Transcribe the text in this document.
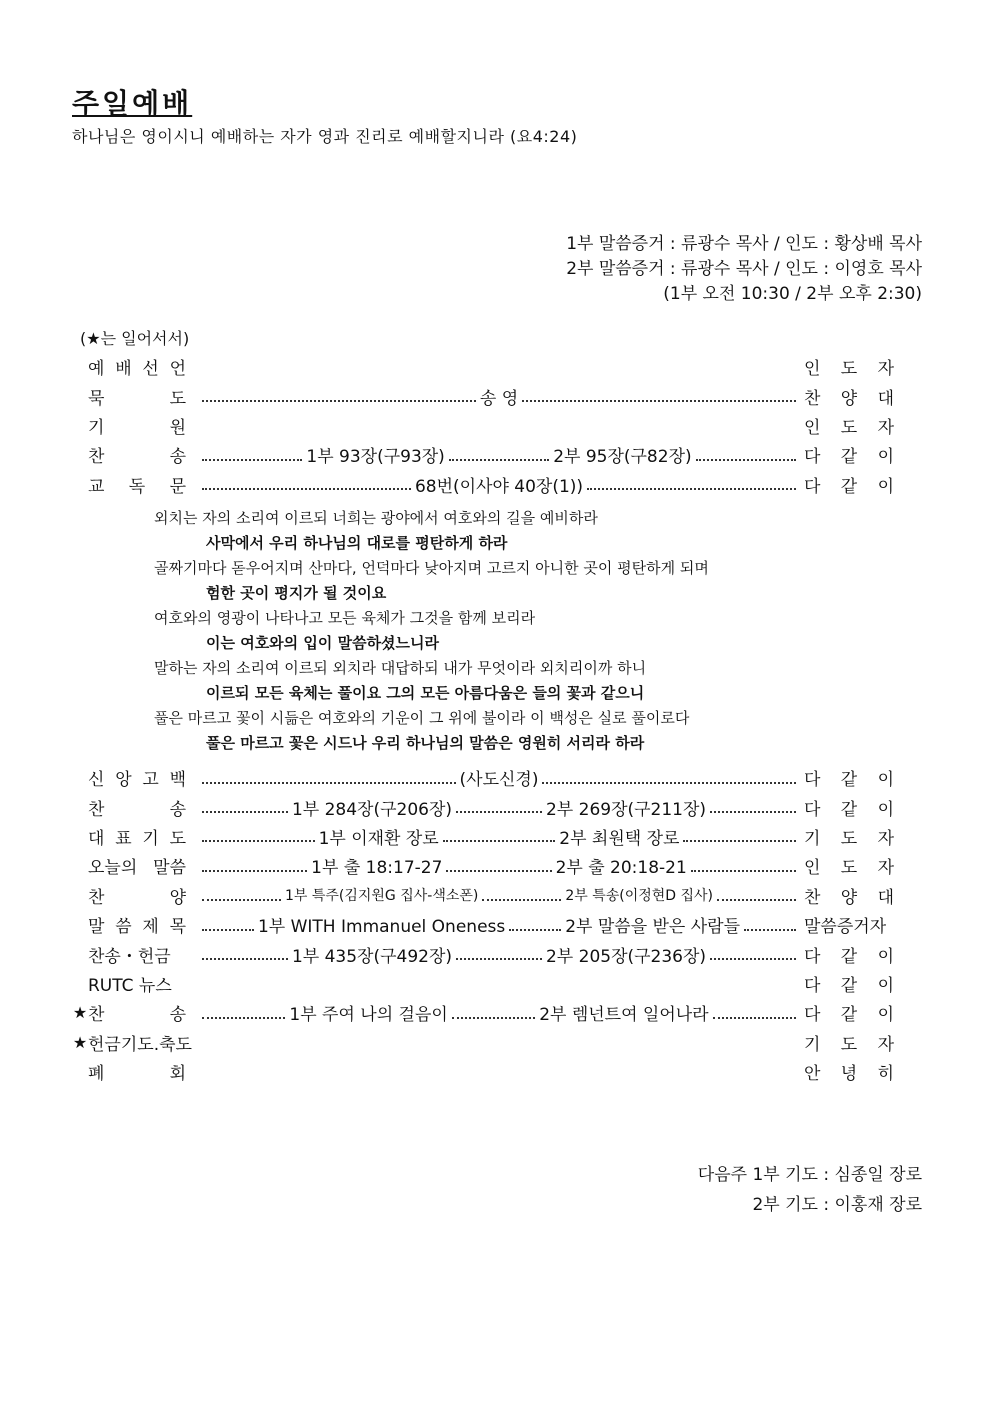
주일예배
하나님은 영이시니 예배하는 자가 영과 진리로 예배할지니라 (요4:24)
1부 말씀증거 : 류광수 목사 / 인도 : 황상배 목사
2부 말씀증거 : 류광수 목사 / 인도 : 이영호 목사
(1부 오전 10:30 / 2부 오후 2:30)
(★는 일어서서)
예 배 선 언	인 도 자
묵	도	송 영	찬 양 대
기	원	인 도 자
찬	송	1부 93장(구93장)	2부 95장(구82장)	다 같 이
교 독 문	68번(이사야 40장(1))	다 같 이
외치는 자의 소리여 이르되 너희는 광야에서 여호와의 길을 예비하라
사막에서 우리 하나님의 대로를 평탄하게 하라
골짜기마다 돋우어지며 산마다, 언덕마다 낮아지며 고르지 아니한 곳이 평탄하게 되며
험한 곳이 평지가 될 것이요
여호와의 영광이 나타나고 모든 육체가 그것을 함께 보리라
이는 여호와의 입이 말씀하셨느니라
말하는 자의 소리여 이르되 외치라 대답하되 내가 무엇이라 외치리이까 하니
이르되 모든 육체는 풀이요 그의 모든 아름다움은 들의 꽃과 같으니
풀은 마르고 꽃이 시듦은 여호와의 기운이 그 위에 불이라 이 백성은 실로 풀이로다
풀은 마르고 꽃은 시드나 우리 하나님의 말씀은 영원히 서리라 하라
신 앙 고 백	(사도신경)	다 같 이
찬	송	1부 284장(구206장)	2부 269장(구211장)	다 같 이
대 표 기 도	1부 이재환 장로	2부 최원택 장로	기 도 자
오늘의 말씀	1부 출 18:17-27	2부 출 20:18-21	인 도 자
찬	양	1부 특주(김지원G 집사-색소폰)	2부 특송(이정현D 집사)	찬 양 대
말 씀 제 목	1부 WITH Immanuel Oneness	2부 말씀을 받은 사람들	말씀증거자
찬송・헌금	1부 435장(구492장)	2부 205장(구236장)	다 같 이
RUTC 뉴스	다 같 이
★ 찬	송	1부 주여 나의 걸음이	2부 렘넌트여 일어나라	다 같 이
★ 헌금기도.축도	기 도 자
폐	회	안 녕 히
다음주 1부 기도 : 심종일 장로
2부 기도 : 이홍재 장로
